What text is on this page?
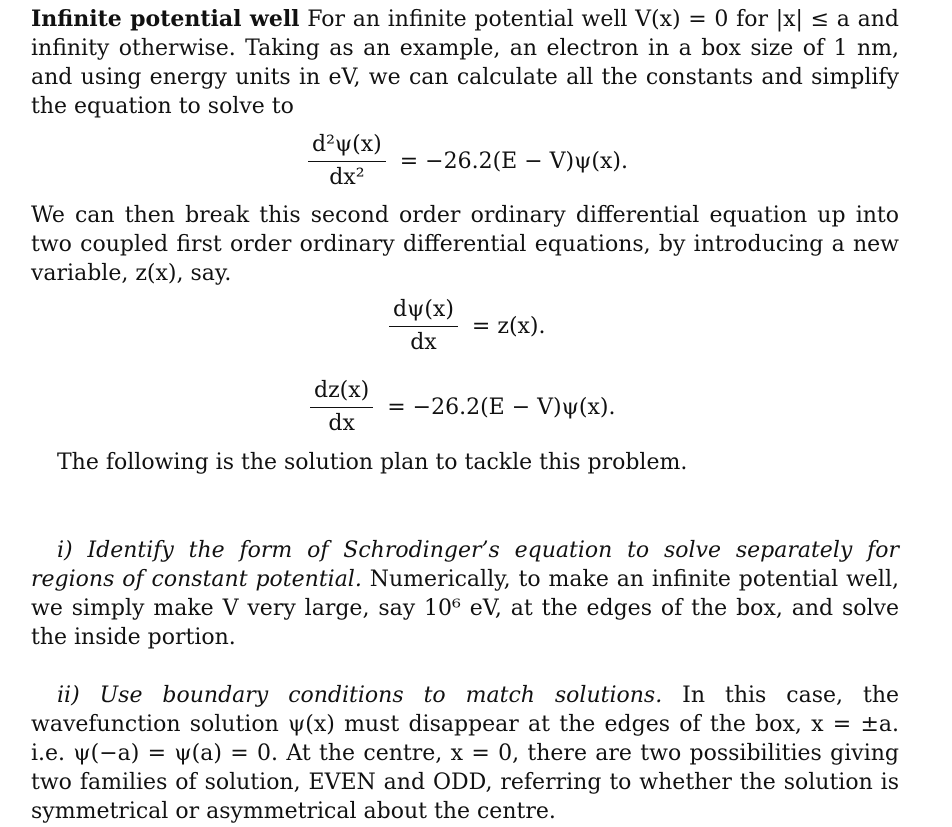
Infinite potential well For an infinite potential well V(x) = 0 for |x| ≤ a and infinity otherwise. Taking as an example, an electron in a box size of 1 nm, and using energy units in eV, we can calculate all the constants and simplify the equation to solve to

$\frac{\text{d²ψ(x)}}{\text{dx²}} = -26.2(E - V)\psi(x)$.

We can then break this second order ordinary differential equation up into two coupled first order ordinary differential equations, by introducing a new variable, z(x), say.

$\frac{d\psi(x)}{dx} = z(x)$.
$\frac{dz(x)}{dx} = -26.2(E - V)\psi(x)$.

The following is the solution plan to tackle this problem.

i) Identify the form of Schrodinger’s equation to solve separately for regions of constant potential. Numerically, to make an infinite potential well, we simply make V very large, say 10⁶ eV, at the edges of the box, and solve the inside portion.

ii) Use boundary conditions to match solutions. In this case, the wavefunction solution ψ(x) must disappear at the edges of the box, x = ±a. i.e. ψ(−a) = ψ(a) = 0. At the centre, x = 0, there are two possibilities giving two families of solution, EVEN and ODD, referring to whether the solution is symmetrical or asymmetrical about the centre.
